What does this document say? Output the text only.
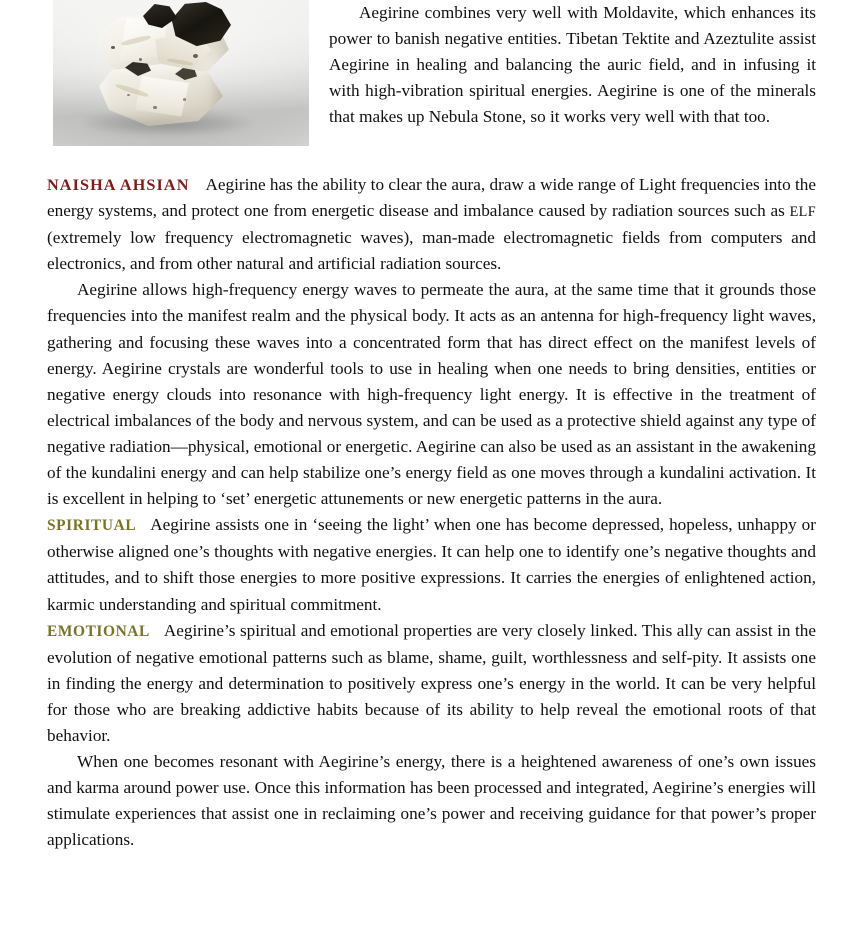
Aegirine combines very well with Moldavite, which enhances its power to banish negative entities. Tibetan Tektite and Azeztulite assist Aegirine in healing and balancing the auric field, and in infusing it with high-vibration spiritual energies. Aegirine is one of the minerals that makes up Nebula Stone, so it works very well with that too.

NAISHA AHSIAN Aegirine has the ability to clear the aura, draw a wide range of Light frequencies into the energy systems, and protect one from energetic disease and imbalance caused by radiation sources such as ELF (extremely low frequency electromagnetic waves), man-made electromagnetic fields from computers and electronics, and from other natural and artificial radiation sources.

Aegirine allows high-frequency energy waves to permeate the aura, at the same time that it grounds those frequencies into the manifest realm and the physical body. It acts as an antenna for high-frequency light waves, gathering and focusing these waves into a concentrated form that has direct effect on the manifest levels of energy. Aegirine crystals are wonderful tools to use in healing when one needs to bring densities, entities or negative energy clouds into resonance with high-frequency light energy. It is effective in the treatment of electrical imbalances of the body and nervous system, and can be used as a protective shield against any type of negative radiation—physical, emotional or energetic. Aegirine can also be used as an assistant in the awakening of the kundalini energy and can help stabilize one’s energy field as one moves through a kundalini activation. It is excellent in helping to ‘set’ energetic attunements or new energetic patterns in the aura.

SPIRITUAL Aegirine assists one in ‘seeing the light’ when one has become depressed, hopeless, unhappy or otherwise aligned one’s thoughts with negative energies. It can help one to identify one’s negative thoughts and attitudes, and to shift those energies to more positive expressions. It carries the energies of enlightened action, karmic understanding and spiritual commitment.

EMOTIONAL Aegirine’s spiritual and emotional properties are very closely linked. This ally can assist in the evolution of negative emotional patterns such as blame, shame, guilt, worthlessness and self-pity. It assists one in finding the energy and determination to positively express one’s energy in the world. It can be very helpful for those who are breaking addictive habits because of its ability to help reveal the emotional roots of that behavior.

When one becomes resonant with Aegirine’s energy, there is a heightened awareness of one’s own issues and karma around power use. Once this information has been processed and integrated, Aegirine’s energies will stimulate experiences that assist one in reclaiming one’s power and receiving guidance for that power’s proper applications.
